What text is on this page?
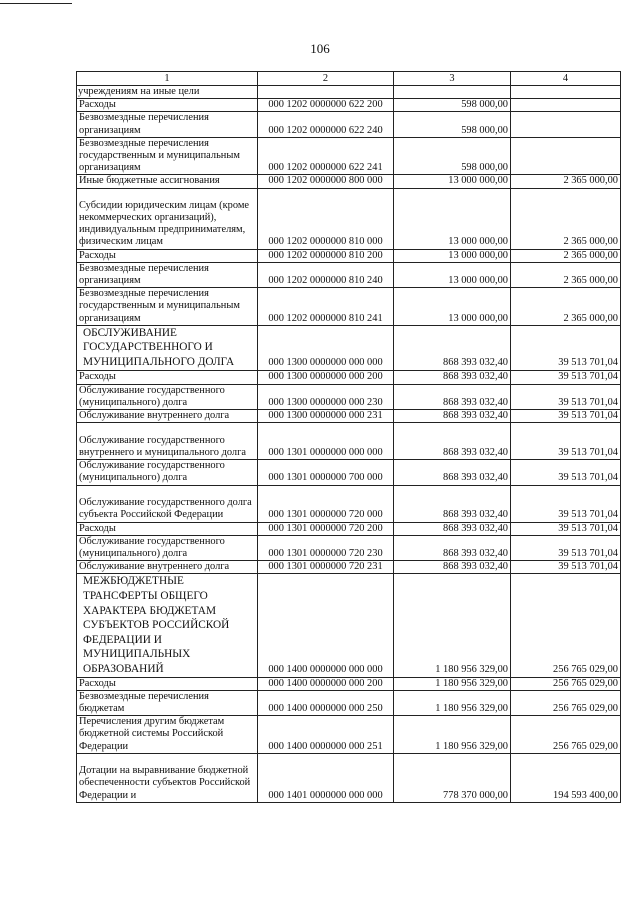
106
1	2	3	4
учреждениям на иные цели			
Расходы	000 1202 0000000 622 200	598 000,00	
Безвозмездные перечисления организациям	000 1202 0000000 622 240	598 000,00	
Безвозмездные перечисления государственным и муниципальным организациям	000 1202 0000000 622 241	598 000,00	
Иные бюджетные ассигнования	000 1202 0000000 800 000	13 000 000,00	2 365 000,00
Субсидии юридическим лицам (кроме некоммерческих организаций), индивидуальным предпринимателям, физическим лицам	000 1202 0000000 810 000	13 000 000,00	2 365 000,00
Расходы	000 1202 0000000 810 200	13 000 000,00	2 365 000,00
Безвозмездные перечисления организациям	000 1202 0000000 810 240	13 000 000,00	2 365 000,00
Безвозмездные перечисления государственным и муниципальным организациям	000 1202 0000000 810 241	13 000 000,00	2 365 000,00
ОБСЛУЖИВАНИЕ ГОСУДАРСТВЕННОГО И МУНИЦИПАЛЬНОГО ДОЛГА	000 1300 0000000 000 000	868 393 032,40	39 513 701,04
Расходы	000 1300 0000000 000 200	868 393 032,40	39 513 701,04
Обслуживание государственного (муниципального) долга	000 1300 0000000 000 230	868 393 032,40	39 513 701,04
Обслуживание внутреннего долга	000 1300 0000000 000 231	868 393 032,40	39 513 701,04
Обслуживание государственного внутреннего и муниципального долга	000 1301 0000000 000 000	868 393 032,40	39 513 701,04
Обслуживание государственного (муниципального) долга	000 1301 0000000 700 000	868 393 032,40	39 513 701,04
Обслуживание государственного долга субъекта Российской Федерации	000 1301 0000000 720 000	868 393 032,40	39 513 701,04
Расходы	000 1301 0000000 720 200	868 393 032,40	39 513 701,04
Обслуживание государственного (муниципального) долга	000 1301 0000000 720 230	868 393 032,40	39 513 701,04
Обслуживание внутреннего долга	000 1301 0000000 720 231	868 393 032,40	39 513 701,04
МЕЖБЮДЖЕТНЫЕ ТРАНСФЕРТЫ ОБЩЕГО ХАРАКТЕРА БЮДЖЕТАМ СУБЪЕКТОВ РОССИЙСКОЙ ФЕДЕРАЦИИ И МУНИЦИПАЛЬНЫХ ОБРАЗОВАНИЙ	000 1400 0000000 000 000	1 180 956 329,00	256 765 029,00
Расходы	000 1400 0000000 000 200	1 180 956 329,00	256 765 029,00
Безвозмездные перечисления бюджетам	000 1400 0000000 000 250	1 180 956 329,00	256 765 029,00
Перечисления другим бюджетам бюджетной системы Российской Федерации	000 1400 0000000 000 251	1 180 956 329,00	256 765 029,00
Дотации на выравнивание бюджетной обеспеченности субъектов Российской Федерации и	000 1401 0000000 000 000	778 370 000,00	194 593 400,00
